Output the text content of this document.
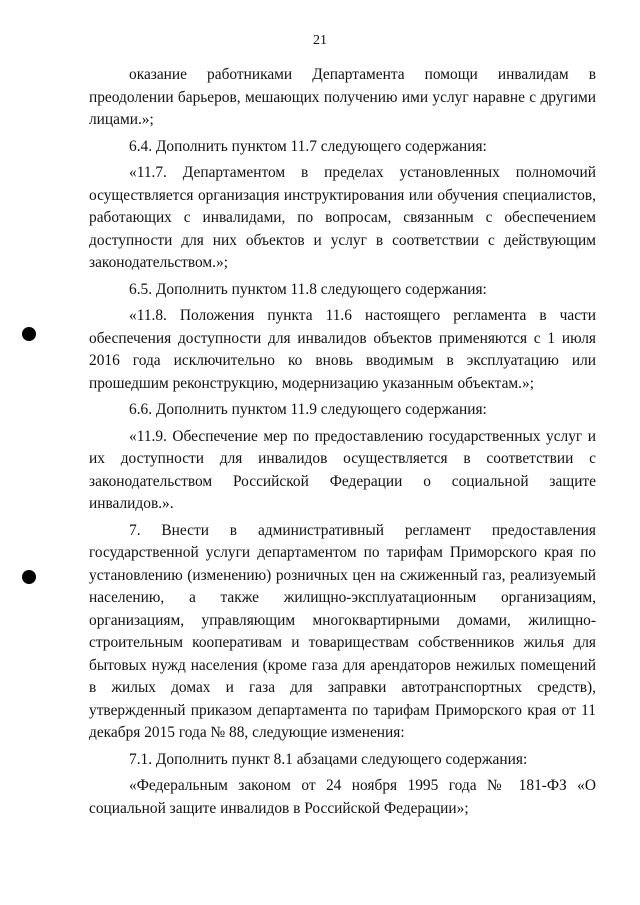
21

оказание работниками Департамента помощи инвалидам в преодолении барьеров, мешающих получению ими услуг наравне с другими лицами.»;

6.4. Дополнить пунктом 11.7 следующего содержания:

«11.7. Департаментом в пределах установленных полномочий осуществляется организация инструктирования или обучения специалистов, работающих с инвалидами, по вопросам, связанным с обеспечением доступности для них объектов и услуг в соответствии с действующим законодательством.»;

6.5. Дополнить пунктом 11.8 следующего содержания:

«11.8. Положения пункта 11.6 настоящего регламента в части обеспечения доступности для инвалидов объектов применяются с 1 июля 2016 года исключительно ко вновь вводимым в эксплуатацию или прошедшим реконструкцию, модернизацию указанным объектам.»;

6.6. Дополнить пунктом 11.9 следующего содержания:

«11.9. Обеспечение мер по предоставлению государственных услуг и их доступности для инвалидов осуществляется в соответствии с законодательством Российской Федерации о социальной защите инвалидов.».

7. Внести в административный регламент предоставления государственной услуги департаментом по тарифам Приморского края по установлению (изменению) розничных цен на сжиженный газ, реализуемый населению, а также жилищно-эксплуатационным организациям, организациям, управляющим многоквартирными домами, жилищно-строительным кооперативам и товариществам собственников жилья для бытовых нужд населения (кроме газа для арендаторов нежилых помещений в жилых домах и газа для заправки автотранспортных средств), утвержденный приказом департамента по тарифам Приморского края от 11 декабря 2015 года № 88, следующие изменения:

7.1. Дополнить пункт 8.1 абзацами следующего содержания:

«Федеральным законом от 24 ноября 1995 года № 181-ФЗ «О социальной защите инвалидов в Российской Федерации»;
